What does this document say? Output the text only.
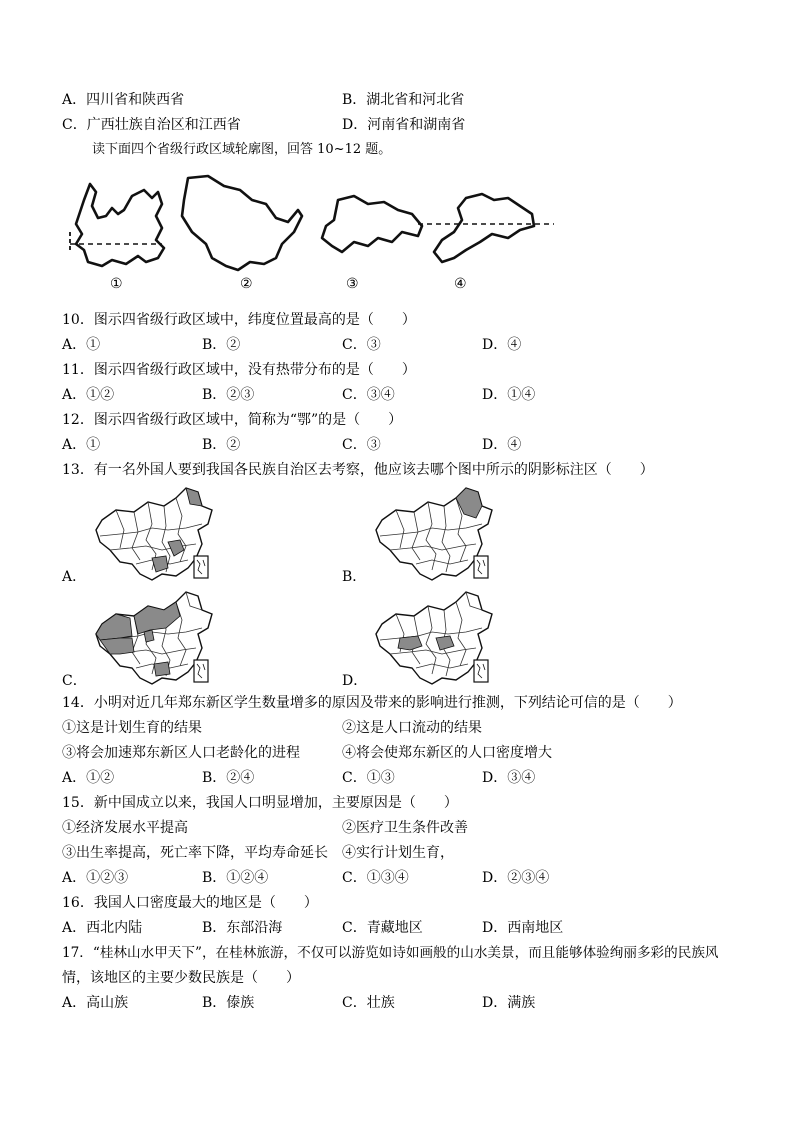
A．四川省和陕西省	B．湖北省和河北省
C．广西壮族自治区和江西省	D．河南省和湖南省
读下面四个省级行政区域轮廓图，回答 10~12 题。
①	②	③	④
10．图示四省级行政区域中，纬度位置最高的是（　　）
A．①	B．②	C．③	D．④
11．图示四省级行政区域中，没有热带分布的是（　　）
A．①②	B．②③	C．③④	D．①④
12．图示四省级行政区域中，简称为“鄂”的是（　　）
A．①	B．②	C．③	D．④
13．有一名外国人要到我国各民族自治区去考察，他应该去哪个图中所示的阴影标注区（　　）
A．	B．
C．	D．
14．小明对近几年郑东新区学生数量增多的原因及带来的影响进行推测，下列结论可信的是（　　）
①这是计划生育的结果	②这是人口流动的结果
③将会加速郑东新区人口老龄化的进程	④将会使郑东新区的人口密度增大
A．①②	B．②④	C．①③	D．③④
15．新中国成立以来，我国人口明显增加，主要原因是（　　）
①经济发展水平提高	②医疗卫生条件改善
③出生率提高，死亡率下降，平均寿命延长 ④实行计划生育，
A．①②③	B．①②④	C．①③④	D．②③④
16．我国人口密度最大的地区是（　　）
A．西北内陆	B．东部沿海	C．青藏地区	D．西南地区
17．“桂林山水甲天下”，在桂林旅游，不仅可以游览如诗如画般的山水美景，而且能够体验绚丽多彩的民族风
情，该地区的主要少数民族是（　　）
A．高山族	B．傣族	C．壮族	D．满族
